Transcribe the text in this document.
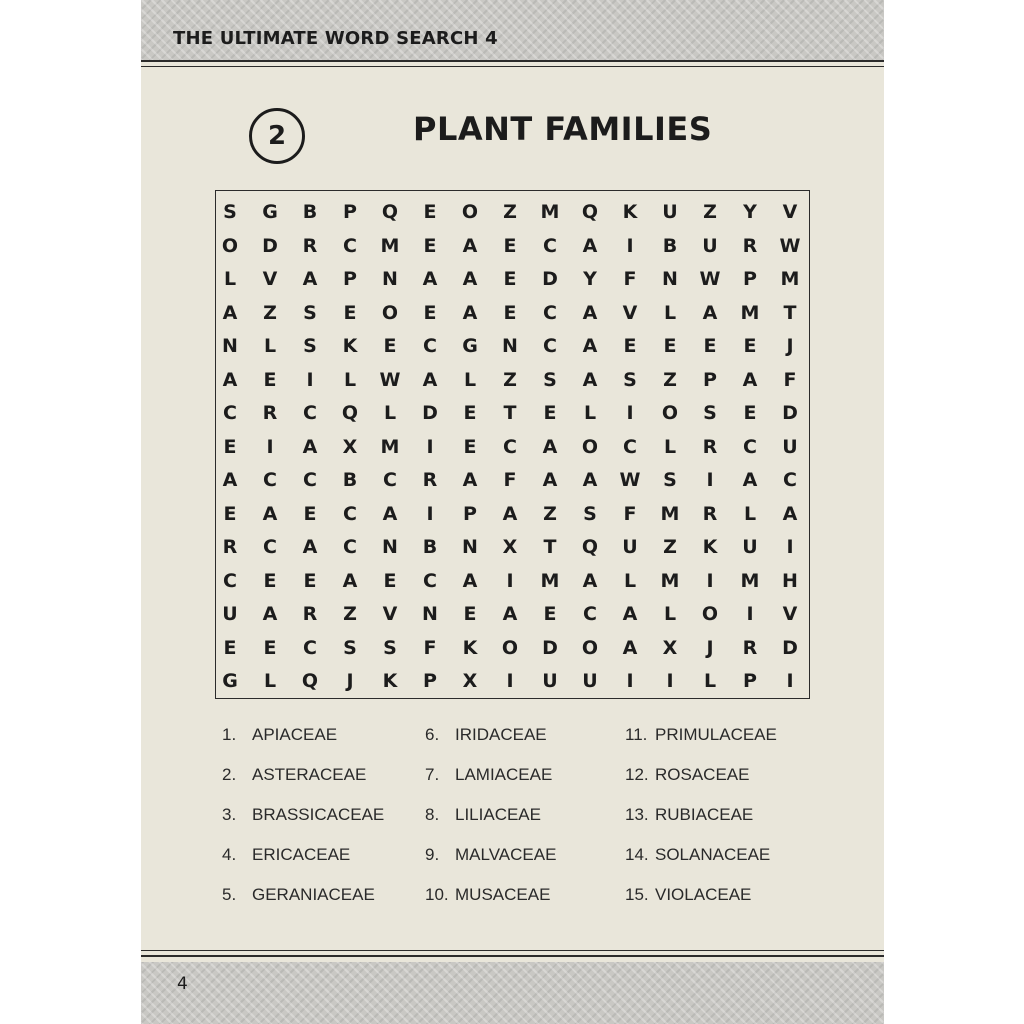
THE ULTIMATE WORD SEARCH 4
2	PLANT FAMILIES
S	G	B	P	Q	E	O	Z	M	Q	K	U	Z	Y	V
O	D	R	C	M	E	A	E	C	A	I	B	U	R	W
L	V	A	P	N	A	A	E	D	Y	F	N	W	P	M
A	Z	S	E	O	E	A	E	C	A	V	L	A	M	T
N	L	S	K	E	C	G	N	C	A	E	E	E	E	J
A	E	I	L	W	A	L	Z	S	A	S	Z	P	A	F
C	R	C	Q	L	D	E	T	E	L	I	O	S	E	D
E	I	A	X	M	I	E	C	A	O	C	L	R	C	U
A	C	C	B	C	R	A	F	A	A	W	S	I	A	C
E	A	E	C	A	I	P	A	Z	S	F	M	R	L	A
R	C	A	C	N	B	N	X	T	Q	U	Z	K	U	I
C	E	E	A	E	C	A	I	M	A	L	M	I	M	H
U	A	R	Z	V	N	E	A	E	C	A	L	O	I	V
E	E	C	S	S	F	K	O	D	O	A	X	J	R	D
G	L	Q	J	K	P	X	I	U	U	I	I	L	P	I
1. APIACEAE
2. ASTERACEAE
3. BRASSICACEAE
4. ERICACEAE
5. GERANIACEAE
6. IRIDACEAE
7. LAMIACEAE
8. LILIACEAE
9. MALVACEAE
10. MUSACEAE
11. PRIMULACEAE
12. ROSACEAE
13. RUBIACEAE
14. SOLANACEAE
15. VIOLACEAE
4
